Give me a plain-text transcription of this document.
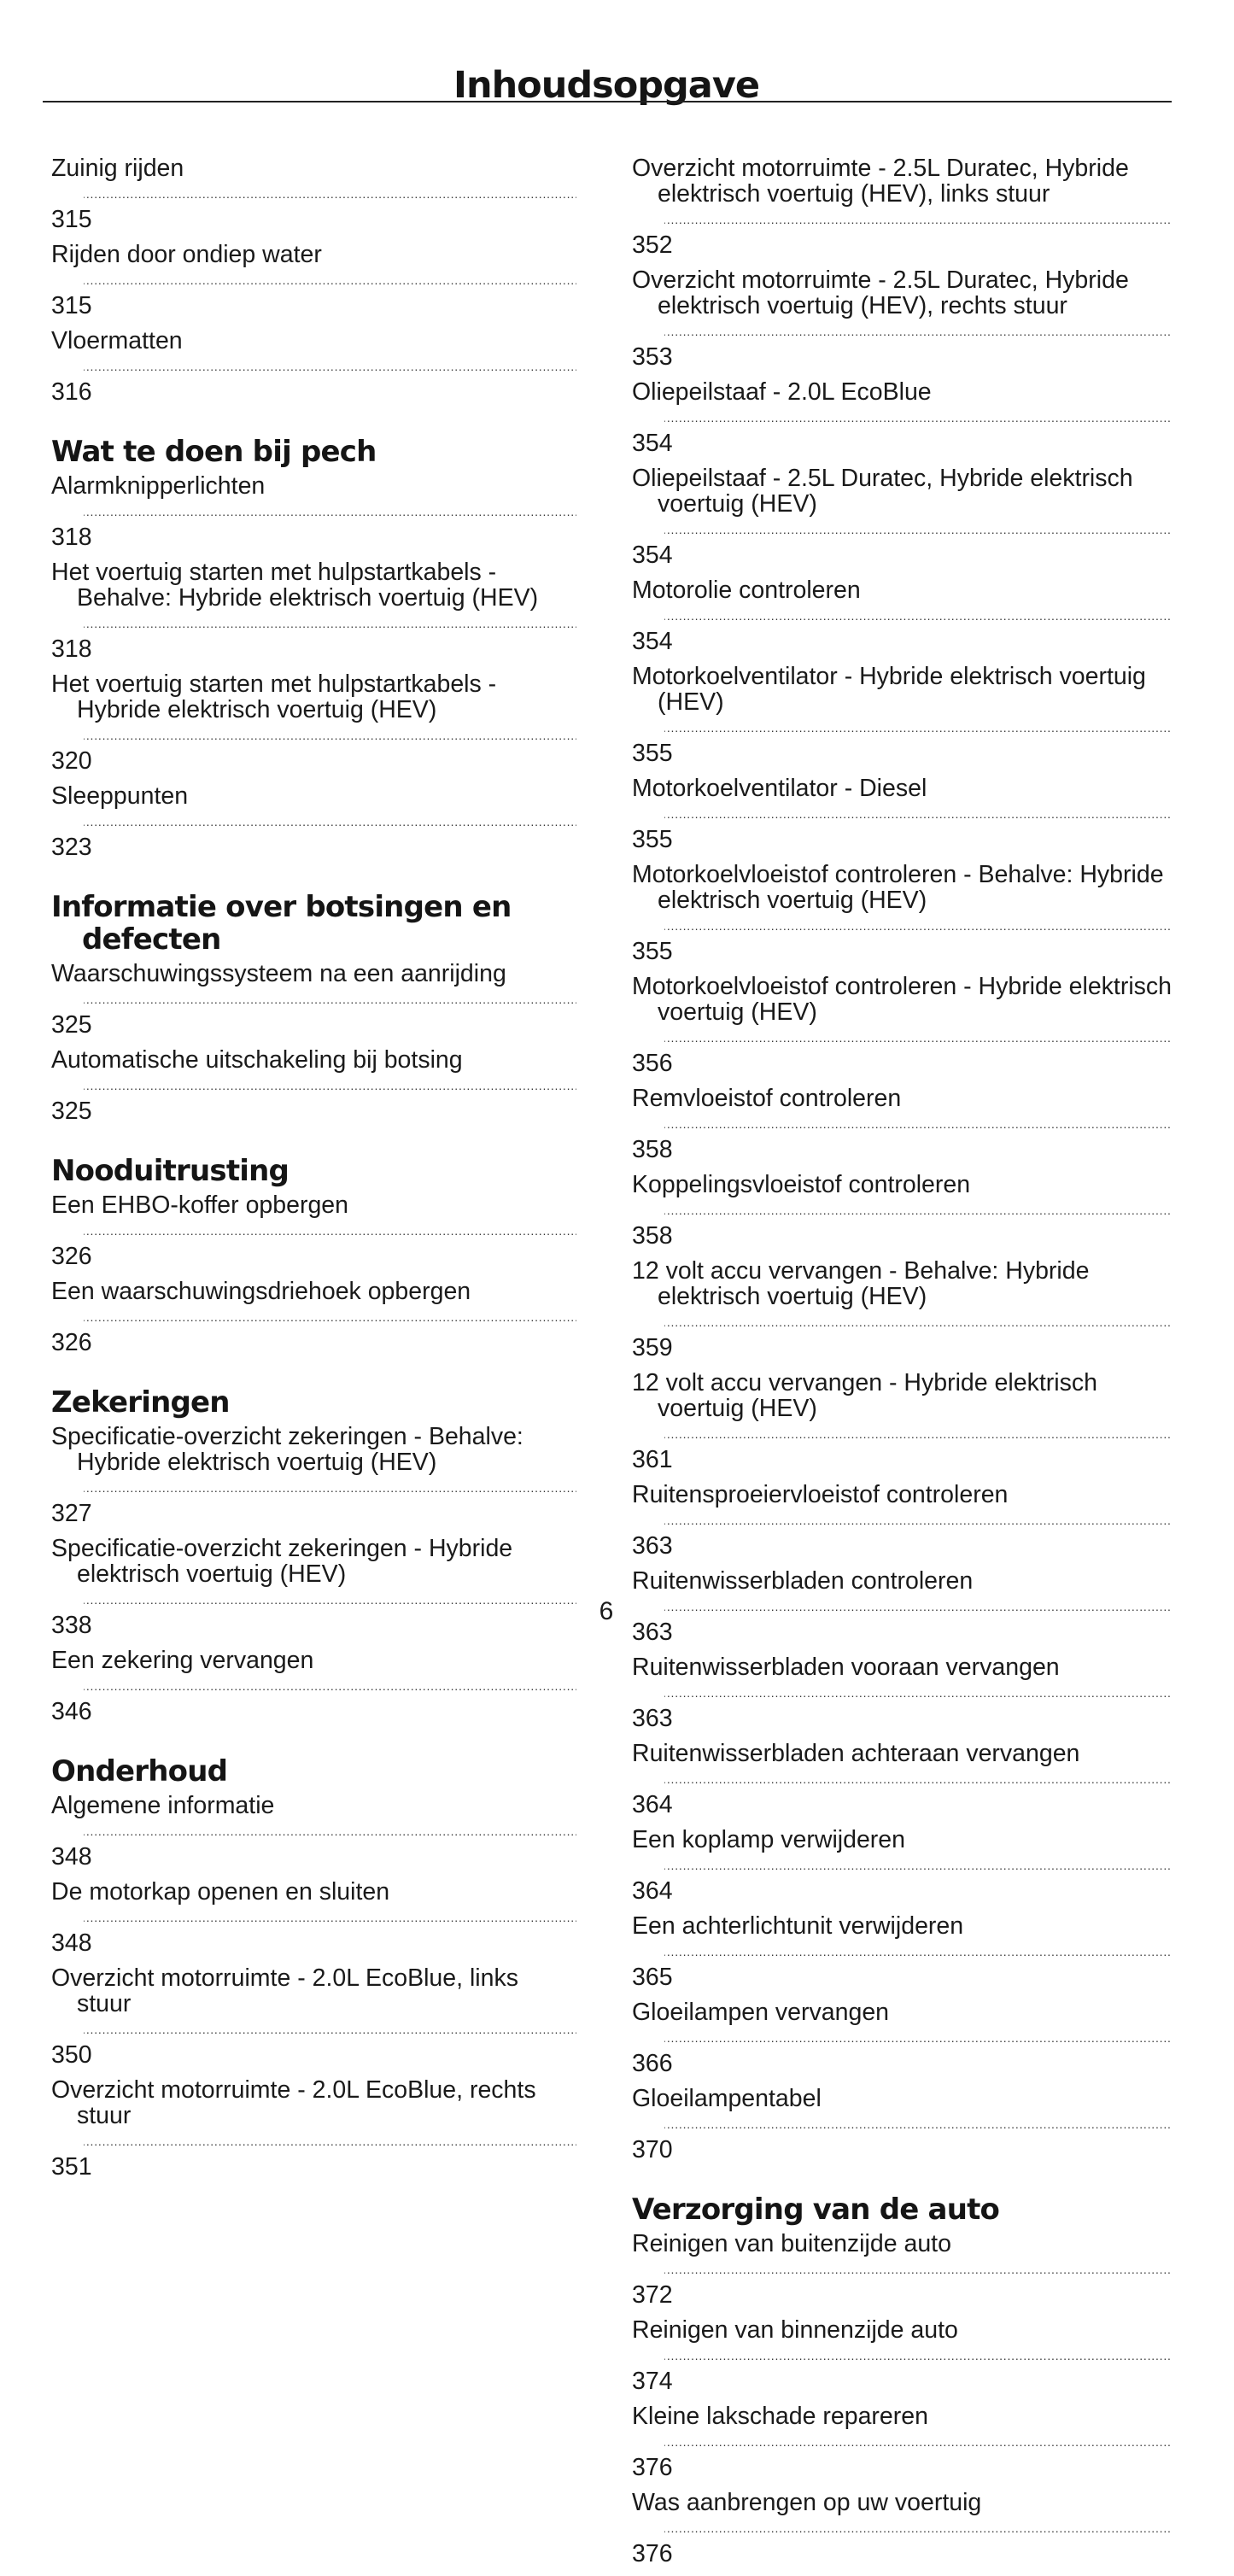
Inhoudsopgave
Zuinig rijden
.....
315
Rijden door ondiep water
.....
315
Vloermatten
.....
316
Wat te doen bij pech
Alarmknipperlichten
.....
318
Het voertuig starten met hulpstartkabels - Behalve: Hybride elektrisch voertuig (HEV)
.....
318
Het voertuig starten met hulpstartkabels - Hybride elektrisch voertuig (HEV)
.....
320
Sleeppunten
.....
323
Informatie over botsingen en defecten
Waarschuwingssysteem na een aanrijding
.....
325
Automatische uitschakeling bij botsing
.....
325
Nooduitrusting
Een EHBO-koffer opbergen
.....
326
Een waarschuwingsdriehoek opbergen
.....
326
Zekeringen
Specificatie-overzicht zekeringen - Behalve: Hybride elektrisch voertuig (HEV)
.....
327
Specificatie-overzicht zekeringen - Hybride elektrisch voertuig (HEV)
.....
338
Een zekering vervangen
.....
346
Onderhoud
Algemene informatie
.....
348
De motorkap openen en sluiten
.....
348
Overzicht motorruimte - 2.0L EcoBlue, links stuur
.....
350
Overzicht motorruimte - 2.0L EcoBlue, rechts stuur
.....
351
Overzicht motorruimte - 2.5L Duratec, Hybride elektrisch voertuig (HEV), links stuur
.....
352
Overzicht motorruimte - 2.5L Duratec, Hybride elektrisch voertuig (HEV), rechts stuur
.....
353
Oliepeilstaaf - 2.0L EcoBlue
.....
354
Oliepeilstaaf - 2.5L Duratec, Hybride elektrisch voertuig (HEV)
.....
354
Motorolie controleren
.....
354
Motorkoelventilator - Hybride elektrisch voertuig (HEV)
.....
355
Motorkoelventilator - Diesel
.....
355
Motorkoelvloeistof controleren - Behalve: Hybride elektrisch voertuig (HEV)
.....
355
Motorkoelvloeistof controleren - Hybride elektrisch voertuig (HEV)
.....
356
Remvloeistof controleren
.....
358
Koppelingsvloeistof controleren
.....
358
12 volt accu vervangen - Behalve: Hybride elektrisch voertuig (HEV)
.....
359
12 volt accu vervangen - Hybride elektrisch voertuig (HEV)
.....
361
Ruitensproeiervloeistof controleren
.....
363
Ruitenwisserbladen controleren
.....
363
Ruitenwisserbladen vooraan vervangen
.....
363
Ruitenwisserbladen achteraan vervangen
.....
364
Een koplamp verwijderen
.....
364
Een achterlichtunit verwijderen
.....
365
Gloeilampen vervangen
.....
366
Gloeilampentabel
.....
370
Verzorging van de auto
Reinigen van buitenzijde auto
.....
372
Reinigen van binnenzijde auto
.....
374
Kleine lakschade repareren
.....
376
Was aanbrengen op uw voertuig
.....
376
6
